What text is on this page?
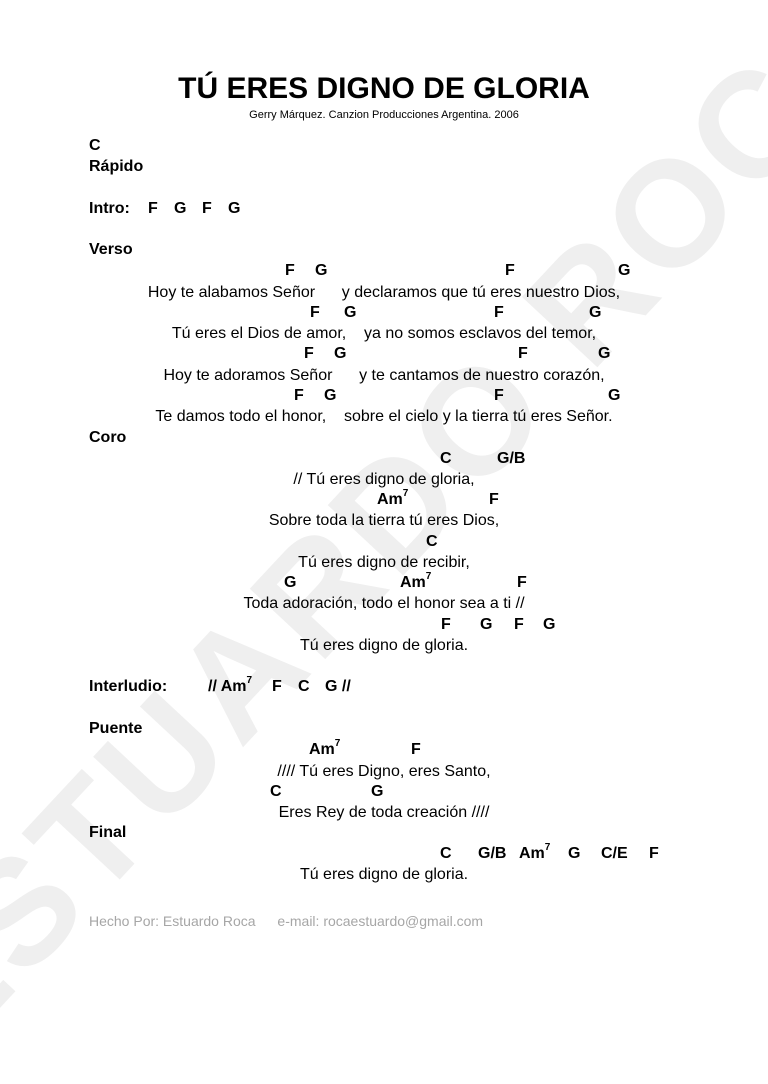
ESTUARDO ROCA
TÚ ERES DIGNO DE GLORIA
Gerry Márquez. Canzion Producciones Argentina. 2006
C
Rápido
Intro: F G F G
Verso
F G	F	G
Hoy te alabamos Señor      y declaramos que tú eres nuestro Dios,
F G	F	G
Tú eres el Dios de amor,    ya no somos esclavos del temor,
F G	F	G
Hoy te adoramos Señor      y te cantamos de nuestro corazón,
F G	F	G
Te damos todo el honor,    sobre el cielo y la tierra tú eres Señor.
Coro
C	G/B
// Tú eres digno de gloria,
Am$^7$	F
Sobre toda la tierra tú eres Dios,
C
Tú eres digno de recibir,
G	Am$^7$	F
Toda adoración, todo el honor sea a ti //
F G F G
Tú eres digno de gloria.
Interludio:	// Am$^7$ F C G //
Puente
Am$^7$	F
//// Tú eres Digno, eres Santo,
C	G
Eres Rey de toda creación ////
Final
C G/B Am$^7$ G C/E F
Tú eres digno de gloria.
Hecho Por: Estuardo Roca e-mail: rocaestuardo@gmail.com
